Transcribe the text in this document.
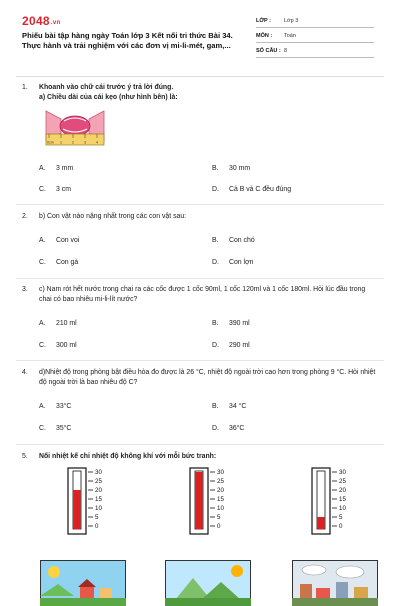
2048.vn
Phiếu bài tập hàng ngày Toán lớp 3 Kết nối tri thức Bài 34. Thực hành và trải nghiệm với các đơn vị mi-li-mét, gam,...
LỚP : Lớp 3
MÔN : Toán
SỐ CÂU : 8
1. Khoanh vào chữ cái trước ý trả lời đúng.
a) Chiều dài của cái kẹo (như hình bên) là:
0cm 1	2	3	4
A. 3 mm	B. 30 mm
C. 3 cm	D. Cả B và C đều đúng
2. b) Con vật nào nặng nhất trong các con vật sau:
A. Con voi	B. Con chó
C. Con gà	D. Con lợn
3. c) Nam rót hết nước trong chai ra các cốc được 1 cốc 90ml, 1 cốc 120ml và 1 cốc 180ml. Hỏi lúc đầu trong chai có bao nhiêu mi-li-lít nước?
A. 210 ml	B. 390 ml
C. 300 ml	D. 290 ml
4. d)Nhiệt độ trong phòng bật điều hòa đo được là 26 °C, nhiệt độ ngoài trời cao hơn trong phòng 9 °C. Hỏi nhiệt độ ngoài trời là bao nhiêu độ C?
A. 33°C	B. 34 °C
C. 35°C	D. 36°C
5. Nối nhiệt kế chỉ nhiệt độ không khí với mỗi bức tranh:
30
25
20
15
10
5
0
30
25
20
15
10
5
0
30
25
20
15
10
5
0
